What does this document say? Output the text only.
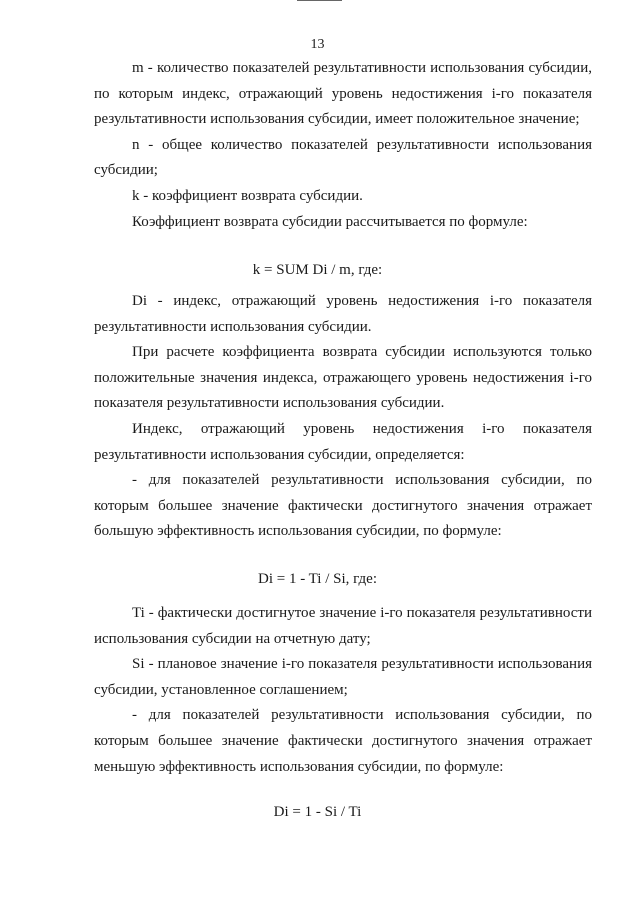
13

m - количество показателей результативности использования субсидии, по которым индекс, отражающий уровень недостижения i-го показателя результативности использования субсидии, имеет положительное значение;

n - общее количество показателей результативности использования субсидии;

k - коэффициент возврата субсидии.

Коэффициент возврата субсидии рассчитывается по формуле:

k = SUM Di / m, где:

Di - индекс, отражающий уровень недостижения i-го показателя результативности использования субсидии.

При расчете коэффициента возврата субсидии используются только положительные значения индекса, отражающего уровень недостижения i-го показателя результативности использования субсидии.

Индекс, отражающий уровень недостижения i-го показателя результативности использования субсидии, определяется:

- для показателей результативности использования субсидии, по которым большее значение фактически достигнутого значения отражает большую эффективность использования субсидии, по формуле:

Di = 1 - Ti / Si, где:

Ti - фактически достигнутое значение i-го показателя результативности использования субсидии на отчетную дату;

Si - плановое значение i-го показателя результативности использования субсидии, установленное соглашением;

- для показателей результативности использования субсидии, по которым большее значение фактически достигнутого значения отражает меньшую эффективность использования субсидии, по формуле:

Di = 1 - Si / Ti
